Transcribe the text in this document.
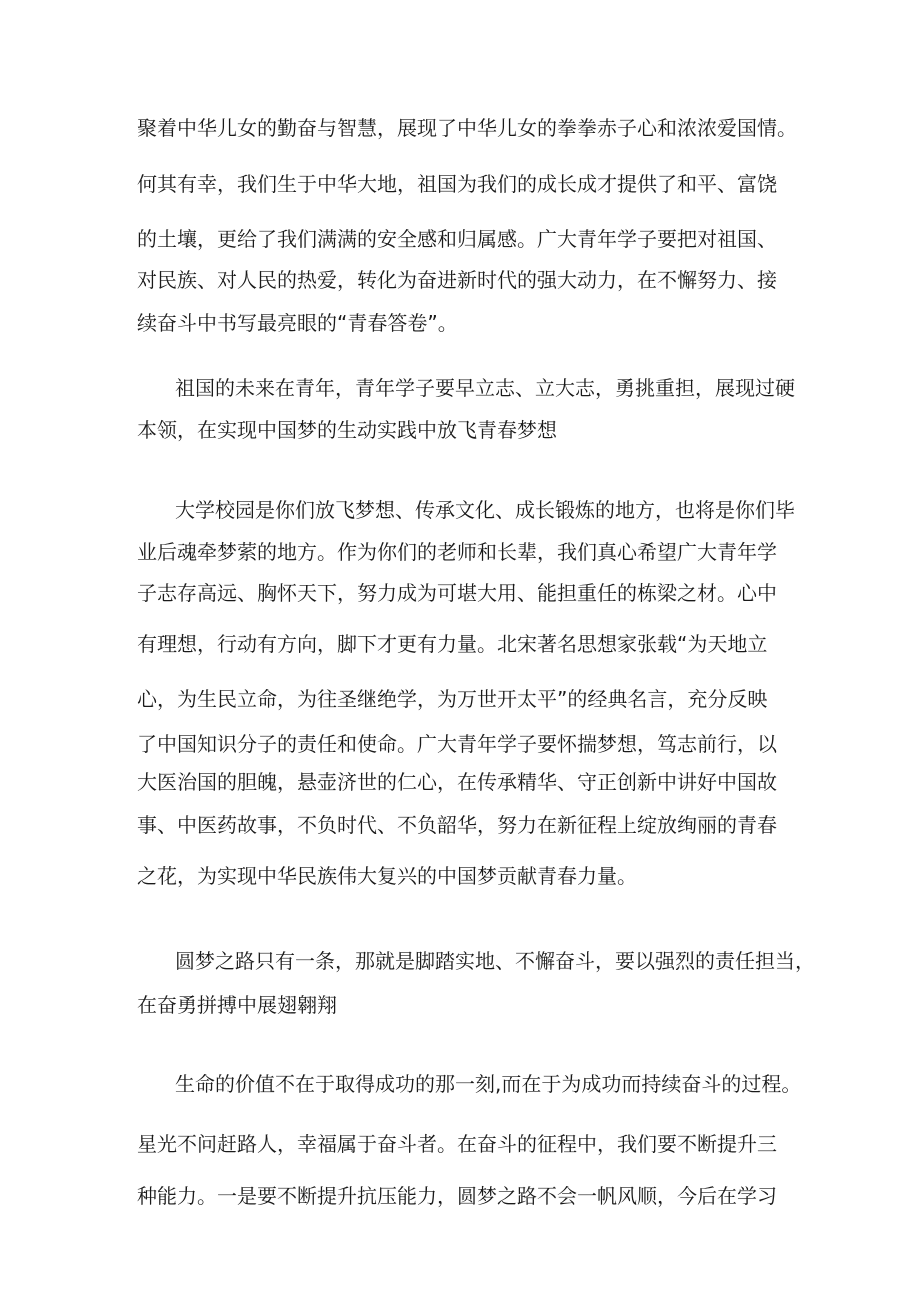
聚着中华儿女的勤奋与智慧，展现了中华儿女的拳拳赤子心和浓浓爱国情。
何其有幸，我们生于中华大地，祖国为我们的成长成才提供了和平、富饶
的土壤，更给了我们满满的安全感和归属感。广大青年学子要把对祖国、
对民族、对人民的热爱，转化为奋进新时代的强大动力，在不懈努力、接
续奋斗中书写最亮眼的“青春答卷”。
祖国的未来在青年，青年学子要早立志、立大志，勇挑重担，展现过硬
本领，在实现中国梦的生动实践中放飞青春梦想
大学校园是你们放飞梦想、传承文化、成长锻炼的地方，也将是你们毕
业后魂牵梦萦的地方。作为你们的老师和长辈，我们真心希望广大青年学
子志存高远、胸怀天下，努力成为可堪大用、能担重任的栋梁之材。心中
有理想，行动有方向，脚下才更有力量。北宋著名思想家张载“为天地立
心，为生民立命，为往圣继绝学，为万世开太平”的经典名言，充分反映
了中国知识分子的责任和使命。广大青年学子要怀揣梦想，笃志前行，以
大医治国的胆魄，悬壶济世的仁心，在传承精华、守正创新中讲好中国故
事、中医药故事，不负时代、不负韶华，努力在新征程上绽放绚丽的青春
之花，为实现中华民族伟大复兴的中国梦贡献青春力量。
圆梦之路只有一条，那就是脚踏实地、不懈奋斗，要以强烈的责任担当，
在奋勇拼搏中展翅翱翔
生命的价值不在于取得成功的那一刻,而在于为成功而持续奋斗的过程。
星光不问赶路人，幸福属于奋斗者。在奋斗的征程中，我们要不断提升三
种能力。一是要不断提升抗压能力，圆梦之路不会一帆风顺，今后在学习
